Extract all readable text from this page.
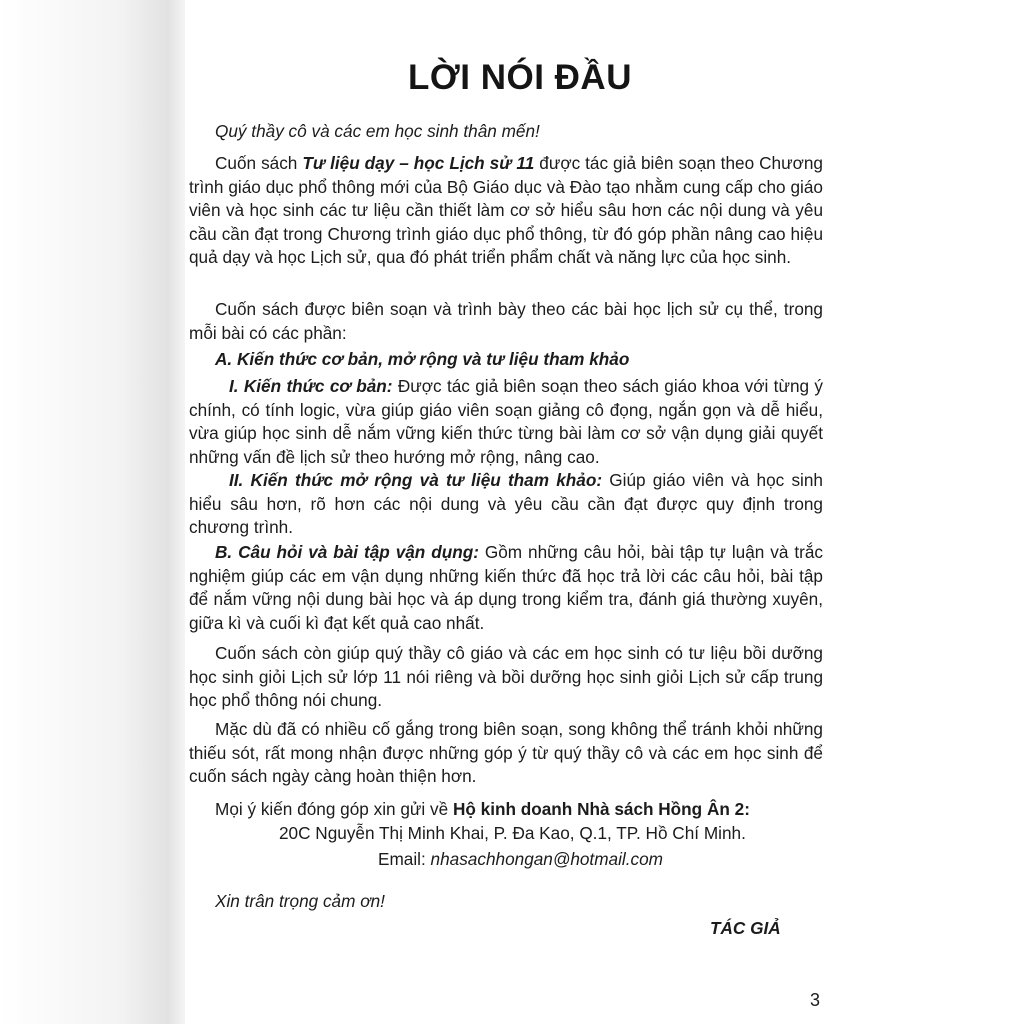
LỜI NÓI ĐẦU

Quý thầy cô và các em học sinh thân mến!

Cuốn sách Tư liệu dạy – học Lịch sử 11 được tác giả biên soạn theo Chương trình giáo dục phổ thông mới của Bộ Giáo dục và Đào tạo nhằm cung cấp cho giáo viên và học sinh các tư liệu cần thiết làm cơ sở hiểu sâu hơn các nội dung và yêu cầu cần đạt trong Chương trình giáo dục phổ thông, từ đó góp phần nâng cao hiệu quả dạy và học Lịch sử, qua đó phát triển phẩm chất và năng lực của học sinh.

Cuốn sách được biên soạn và trình bày theo các bài học lịch sử cụ thể, trong mỗi bài có các phần:

A. Kiến thức cơ bản, mở rộng và tư liệu tham khảo

I. Kiến thức cơ bản: Được tác giả biên soạn theo sách giáo khoa với từng ý chính, có tính logic, vừa giúp giáo viên soạn giảng cô đọng, ngắn gọn và dễ hiểu, vừa giúp học sinh dễ nắm vững kiến thức từng bài làm cơ sở vận dụng giải quyết những vấn đề lịch sử theo hướng mở rộng, nâng cao.

II. Kiến thức mở rộng và tư liệu tham khảo: Giúp giáo viên và học sinh hiểu sâu hơn, rõ hơn các nội dung và yêu cầu cần đạt được quy định trong chương trình.

B. Câu hỏi và bài tập vận dụng: Gồm những câu hỏi, bài tập tự luận và trắc nghiệm giúp các em vận dụng những kiến thức đã học trả lời các câu hỏi, bài tập để nắm vững nội dung bài học và áp dụng trong kiểm tra, đánh giá thường xuyên, giữa kì và cuối kì đạt kết quả cao nhất.

Cuốn sách còn giúp quý thầy cô giáo và các em học sinh có tư liệu bồi dưỡng học sinh giỏi Lịch sử lớp 11 nói riêng và bồi dưỡng học sinh giỏi Lịch sử cấp trung học phổ thông nói chung.

Mặc dù đã có nhiều cố gắng trong biên soạn, song không thể tránh khỏi những thiếu sót, rất mong nhận được những góp ý từ quý thầy cô và các em học sinh để cuốn sách ngày càng hoàn thiện hơn.

Mọi ý kiến đóng góp xin gửi về Hộ kinh doanh Nhà sách Hồng Ân 2:

20C Nguyễn Thị Minh Khai, P. Đa Kao, Q.1, TP. Hồ Chí Minh.

Email: nhasachhongan@hotmail.com

Xin trân trọng cảm ơn!

TÁC GIẢ

3
